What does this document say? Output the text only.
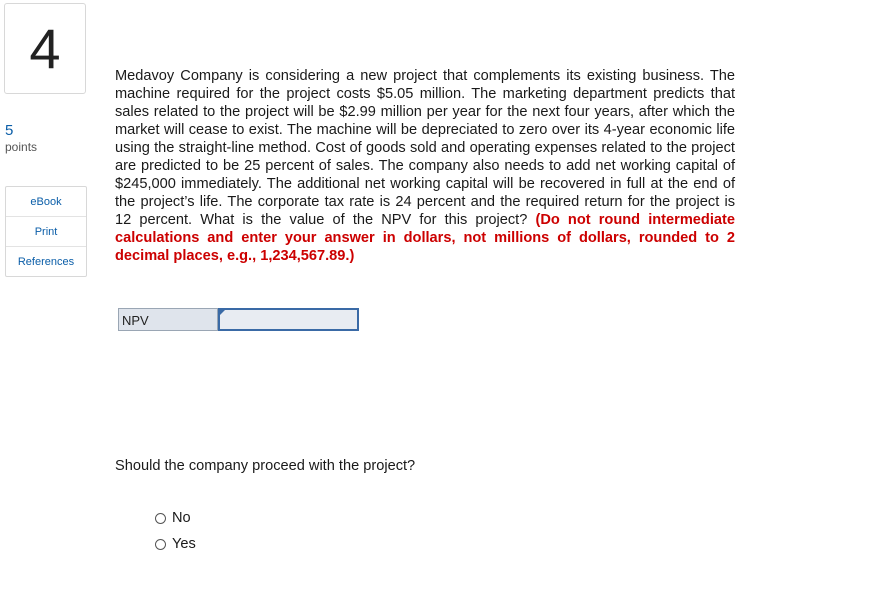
4
5
points
eBook
Print
References
Medavoy Company is considering a new project that complements its existing business. The machine required for the project costs $5.05 million. The marketing department predicts that sales related to the project will be $2.99 million per year for the next four years, after which the market will cease to exist. The machine will be depreciated to zero over its 4-year economic life using the straight-line method. Cost of goods sold and operating expenses related to the project are predicted to be 25 percent of sales. The company also needs to add net working capital of $245,000 immediately. The additional net working capital will be recovered in full at the end of the project’s life. The corporate tax rate is 24 percent and the required return for the project is 12 percent. What is the value of the NPV for this project? (Do not round intermediate calculations and enter your answer in dollars, not millions of dollars, rounded to 2 decimal places, e.g., 1,234,567.89.)
NPV
Should the company proceed with the project?
No
Yes
